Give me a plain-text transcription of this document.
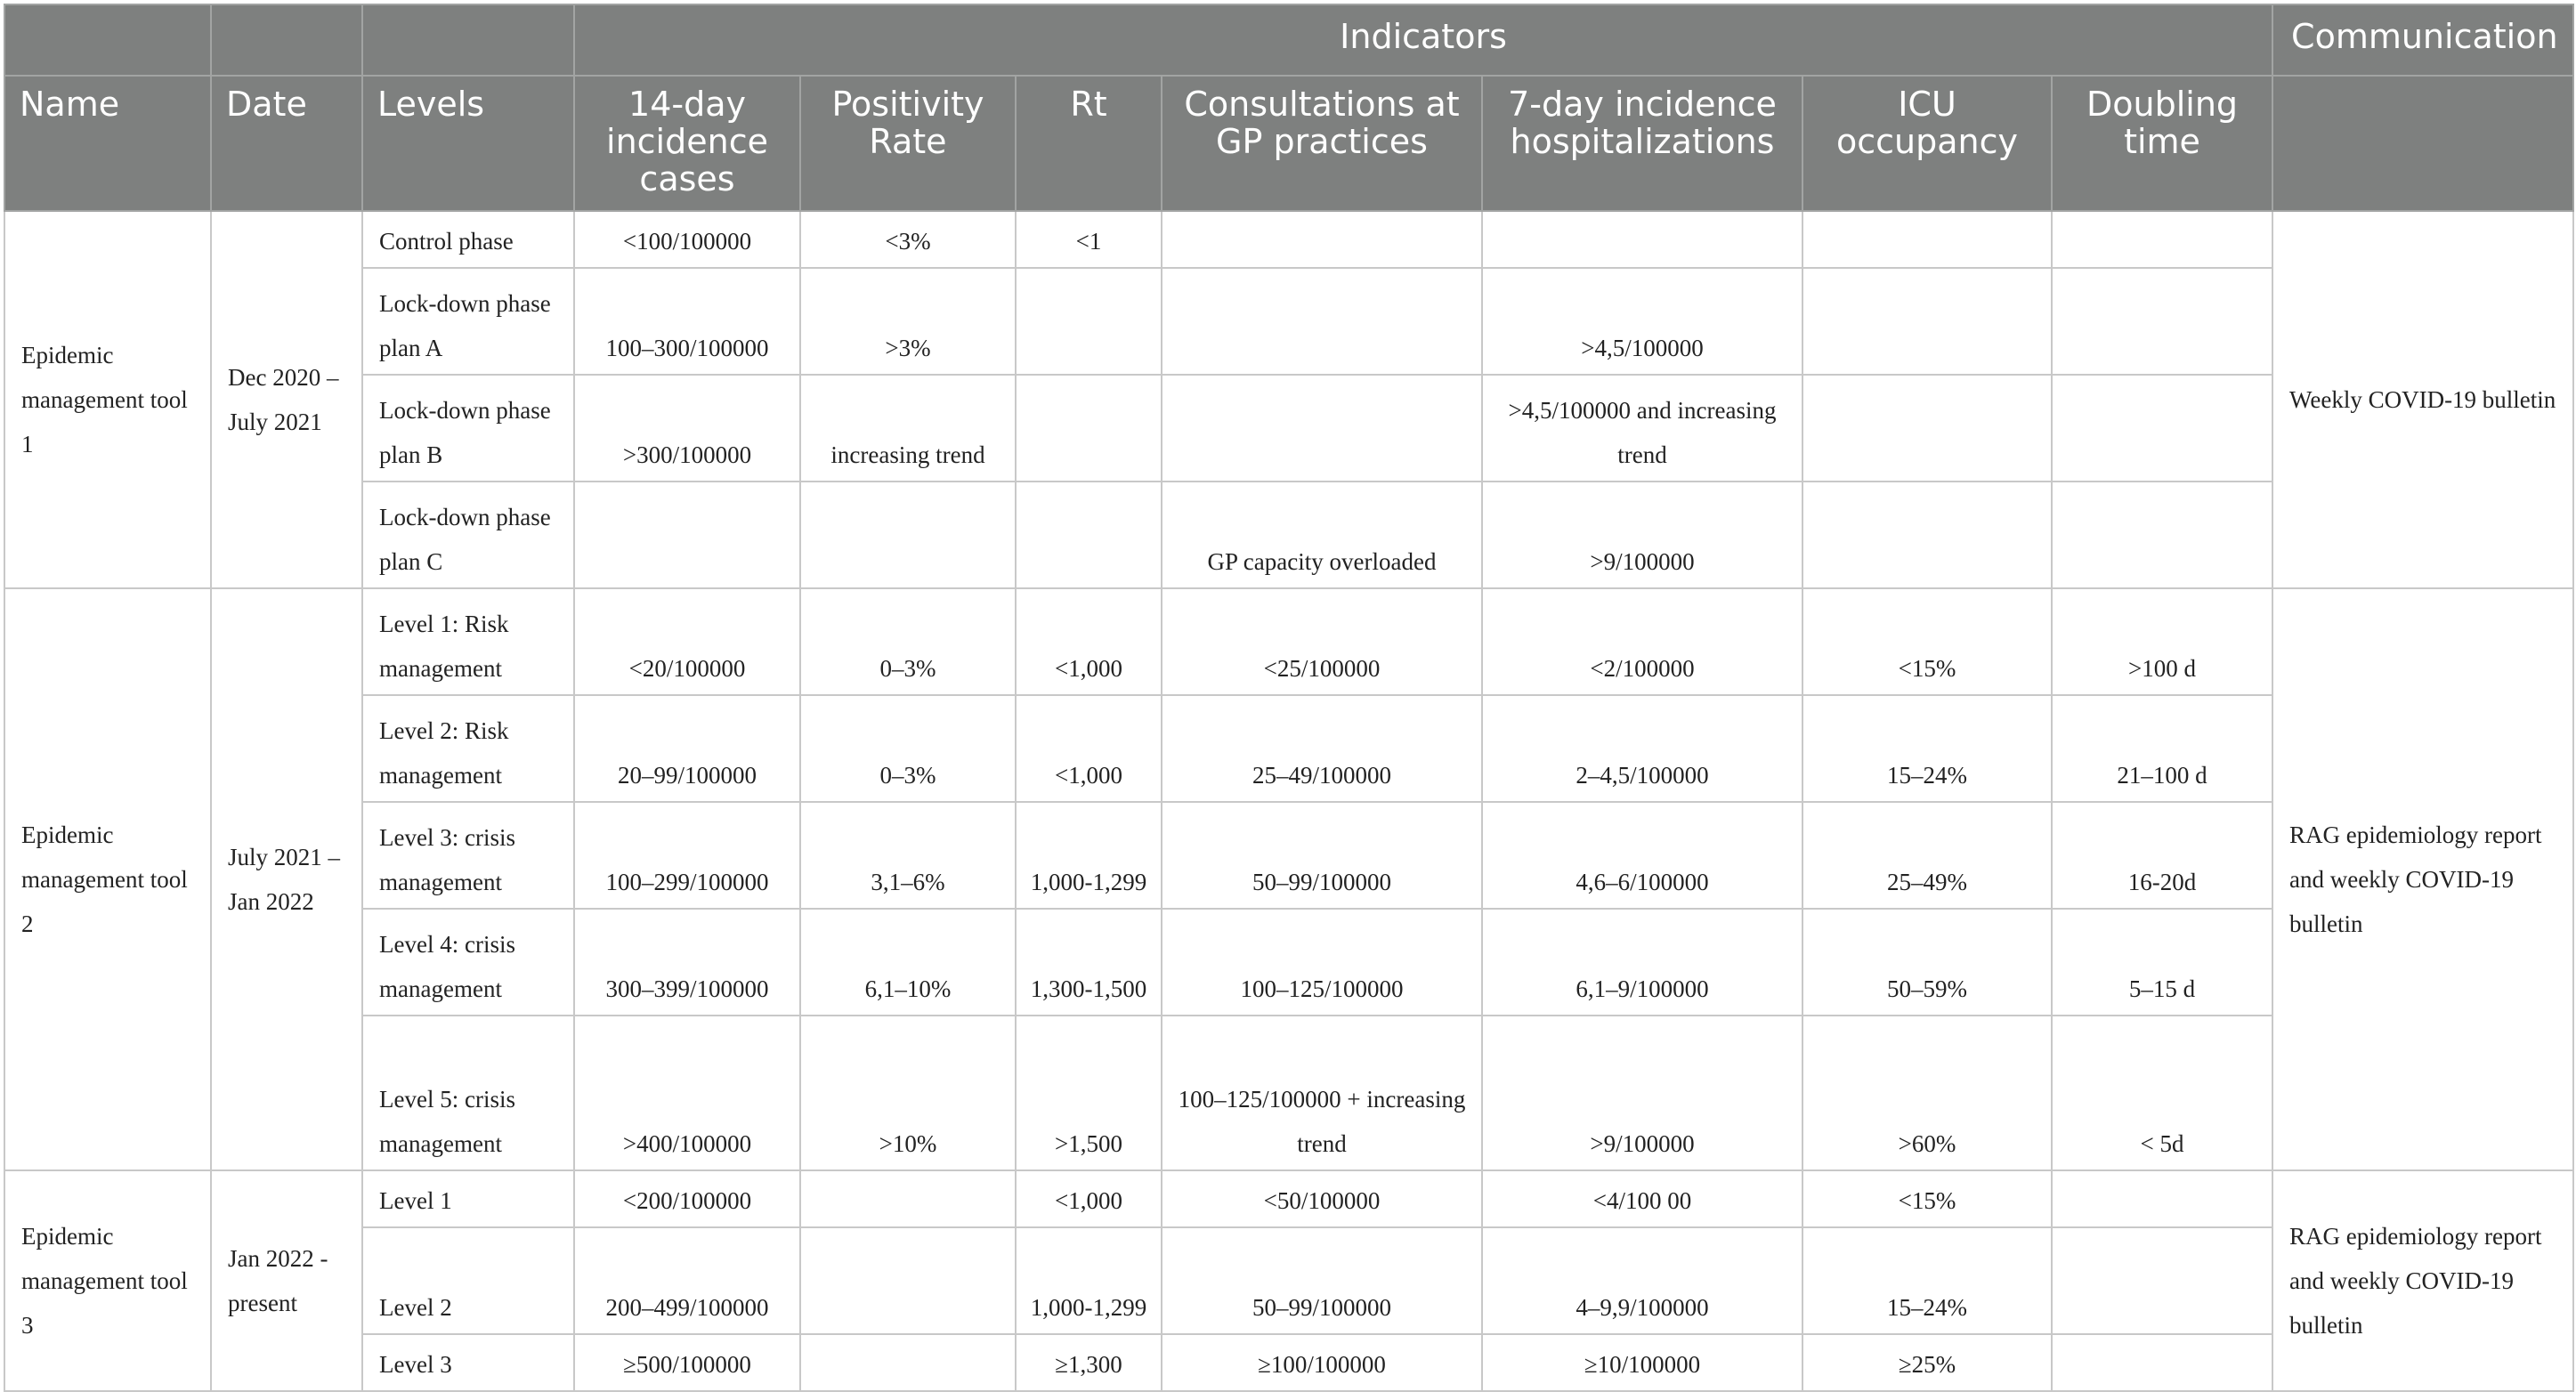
			Indicators							Communication
Name	Date	Levels	14-day incidence cases	Positivity Rate	Rt	Consultations at GP practices	7-day incidence hospitalizations	ICU occupancy	Doubling time	
Epidemic management tool 1	Dec 2020 – July 2021	Control phase	<100/100000	<3%	<1					Weekly COVID-19 bulletin
		Lock-down phase plan A	100–300/100000	>3%			>4,5/100000			
		Lock-down phase plan B	>300/100000	increasing trend			>4,5/100000 and increasing trend			
		Lock-down phase plan C				GP capacity overloaded	>9/100000			
Epidemic management tool 2	July 2021 – Jan 2022	Level 1: Risk management	<20/100000	0–3%	<1,000	<25/100000	<2/100000	<15%	>100 d	RAG epidemiology report and weekly COVID-19 bulletin
		Level 2: Risk management	20–99/100000	0–3%	<1,000	25–49/100000	2–4,5/100000	15–24%	21–100 d	
		Level 3: crisis management	100–299/100000	3,1–6%	1,000-1,299	50–99/100000	4,6–6/100000	25–49%	16-20d	
		Level 4: crisis management	300–399/100000	6,1–10%	1,300-1,500	100–125/100000	6,1–9/100000	50–59%	5–15 d	
		Level 5: crisis management	>400/100000	>10%	>1,500	100–125/100000 + increasing trend	>9/100000	>60%	< 5d	
Epidemic management tool 3	Jan 2022 - present	Level 1	<200/100000		<1,000	<50/100000	<4/100 00	<15%		RAG epidemiology report and weekly COVID-19 bulletin
		Level 2	200–499/100000		1,000-1,299	50–99/100000	4–9,9/100000	15–24%		
		Level 3	≥500/100000		≥1,300	≥100/100000	≥10/100000	≥25%		
